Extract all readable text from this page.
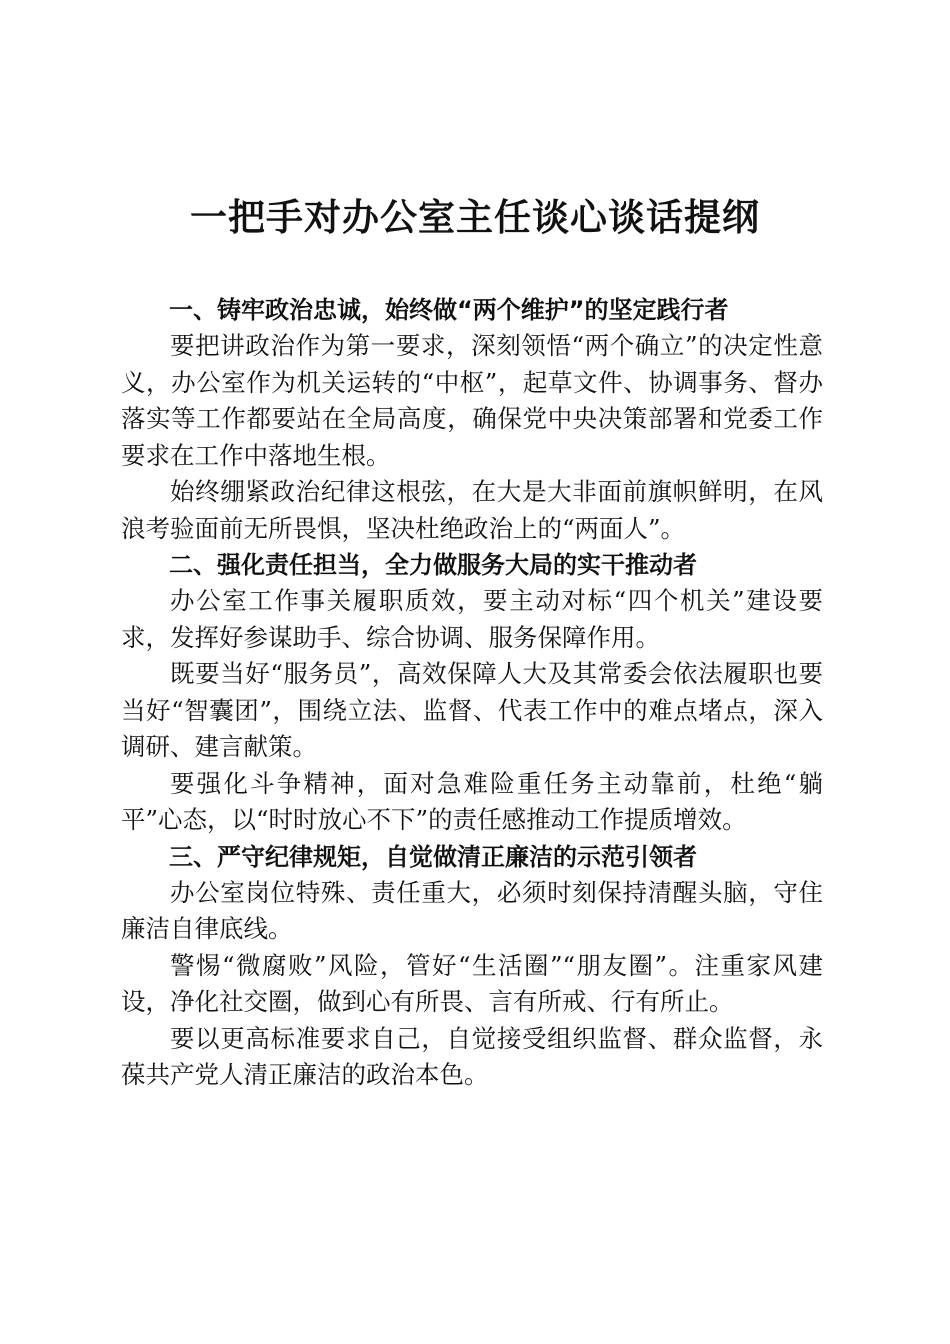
一把手对办公室主任谈心谈话提纲

一、铸牢政治忠诚，始终做“两个维护”的坚定践行者

要把讲政治作为第一要求，深刻领悟“两个确立”的决定性意义，办公室作为机关运转的“中枢”，起草文件、协调事务、督办落实等工作都要站在全局高度，确保党中央决策部署和党委工作要求在工作中落地生根。

始终绷紧政治纪律这根弦，在大是大非面前旗帜鲜明，在风浪考验面前无所畏惧，坚决杜绝政治上的“两面人”。

二、强化责任担当，全力做服务大局的实干推动者

办公室工作事关履职质效，要主动对标“四个机关”建设要求，发挥好参谋助手、综合协调、服务保障作用。

既要当好“服务员”，高效保障人大及其常委会依法履职也要当好“智囊团”，围绕立法、监督、代表工作中的难点堵点，深入调研、建言献策。

要强化斗争精神，面对急难险重任务主动靠前，杜绝“躺平”心态，以“时时放心不下”的责任感推动工作提质增效。

三、严守纪律规矩，自觉做清正廉洁的示范引领者

办公室岗位特殊、责任重大，必须时刻保持清醒头脑，守住廉洁自律底线。

警惕“微腐败”风险，管好“生活圈”“朋友圈”。注重家风建设，净化社交圈，做到心有所畏、言有所戒、行有所止。

要以更高标准要求自己，自觉接受组织监督、群众监督，永葆共产党人清正廉洁的政治本色。
